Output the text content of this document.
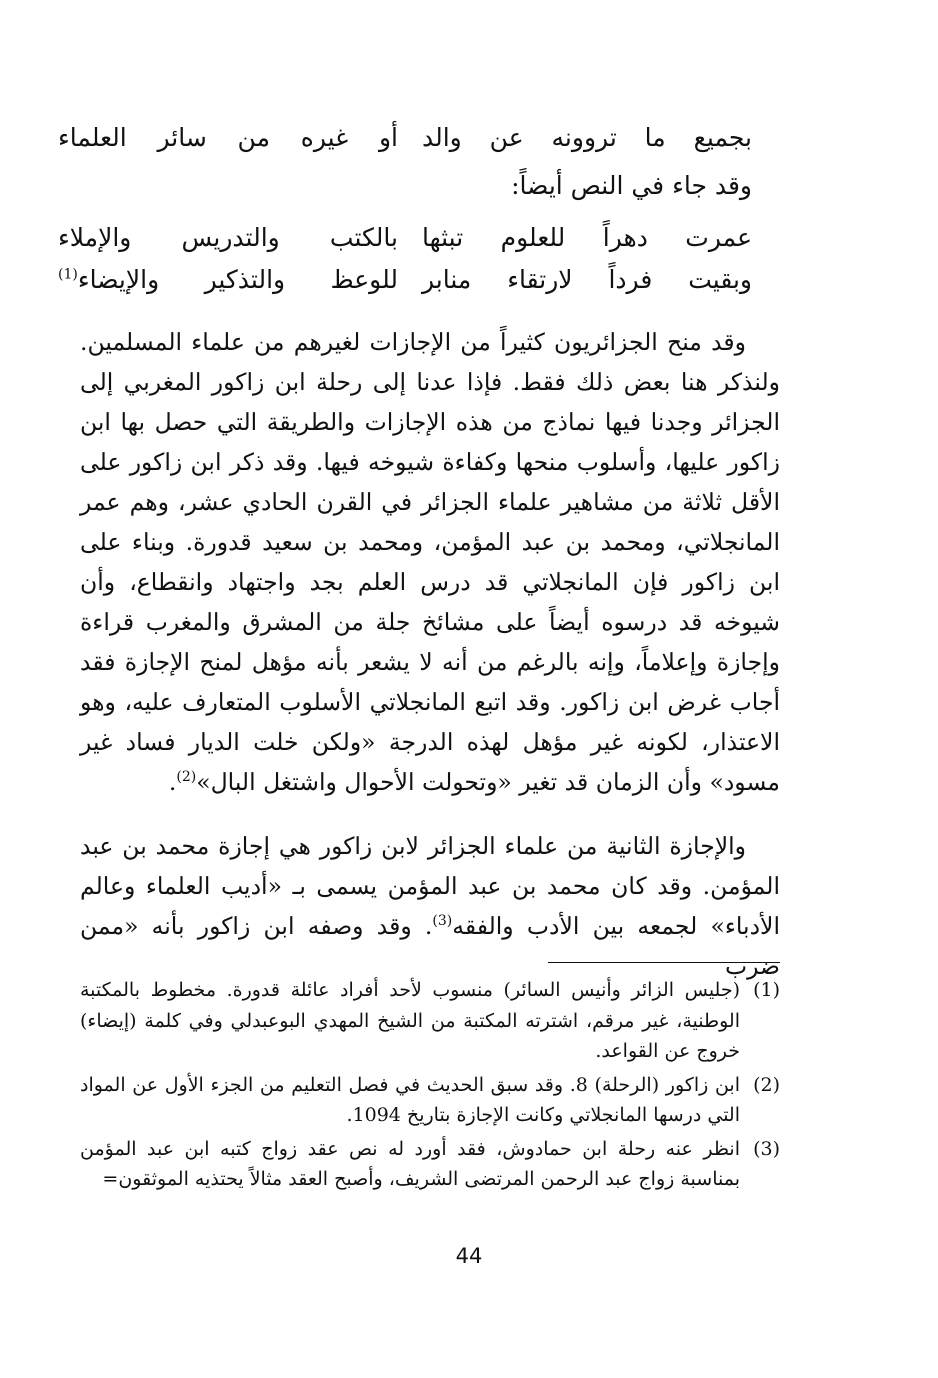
بجميع ما تروونه عن والد
أو غيره من سائر العلماء
وقد جاء في النص أيضاً:
عمرت دهراً للعلوم تبثها
بالكتب والتدريس والإملاء
وبقيت فرداً لارتقاء منابر
للوعظ والتذكير والإيضاء$^{(1)}$

وقد منح الجزائريون كثيراً من الإجازات لغيرهم من علماء المسلمين. ولنذكر هنا بعض ذلك فقط. فإذا عدنا إلى رحلة ابن زاكور المغربي إلى الجزائر وجدنا فيها نماذج من هذه الإجازات والطريقة التي حصل بها ابن زاكور عليها، وأسلوب منحها وكفاءة شيوخه فيها. وقد ذكر ابن زاكور على الأقل ثلاثة من مشاهير علماء الجزائر في القرن الحادي عشر، وهم عمر المانجلاتي، ومحمد بن عبد المؤمن، ومحمد بن سعيد قدورة. وبناء على ابن زاكور فإن المانجلاتي قد درس العلم بجد واجتهاد وانقطاع، وأن شيوخه قد درسوه أيضاً على مشائخ جلة من المشرق والمغرب قراءة وإجازة وإعلاماً، وإنه بالرغم من أنه لا يشعر بأنه مؤهل لمنح الإجازة فقد أجاب غرض ابن زاكور. وقد اتبع المانجلاتي الأسلوب المتعارف عليه، وهو الاعتذار، لكونه غير مؤهل لهذه الدرجة «ولكن خلت الديار فساد غير مسود» وأن الزمان قد تغير «وتحولت الأحوال واشتغل البال»$^{(2)}$.

والإجازة الثانية من علماء الجزائر لابن زاكور هي إجازة محمد بن عبد المؤمن. وقد كان محمد بن عبد المؤمن يسمى بـ «أديب العلماء وعالم الأدباء» لجمعه بين الأدب والفقه$^{(3)}$. وقد وصفه ابن زاكور بأنه «ممن ضرب

(1)
(جليس الزائر وأنيس السائر) منسوب لأحد أفراد عائلة قدورة. مخطوط بالمكتبة الوطنية، غير مرقم، اشترته المكتبة من الشيخ المهدي البوعبدلي وفي كلمة (إيضاء) خروج عن القواعد.
(2)
ابن زاكور (الرحلة) 8. وقد سبق الحديث في فصل التعليم من الجزء الأول عن المواد التي درسها المانجلاتي وكانت الإجازة بتاريخ 1094.
(3)
انظر عنه رحلة ابن حمادوش، فقد أورد له نص عقد زواج كتبه ابن عبد المؤمن بمناسبة زواج عبد الرحمن المرتضى الشريف، وأصبح العقد مثالاً يحتذيه الموثقون=
44
